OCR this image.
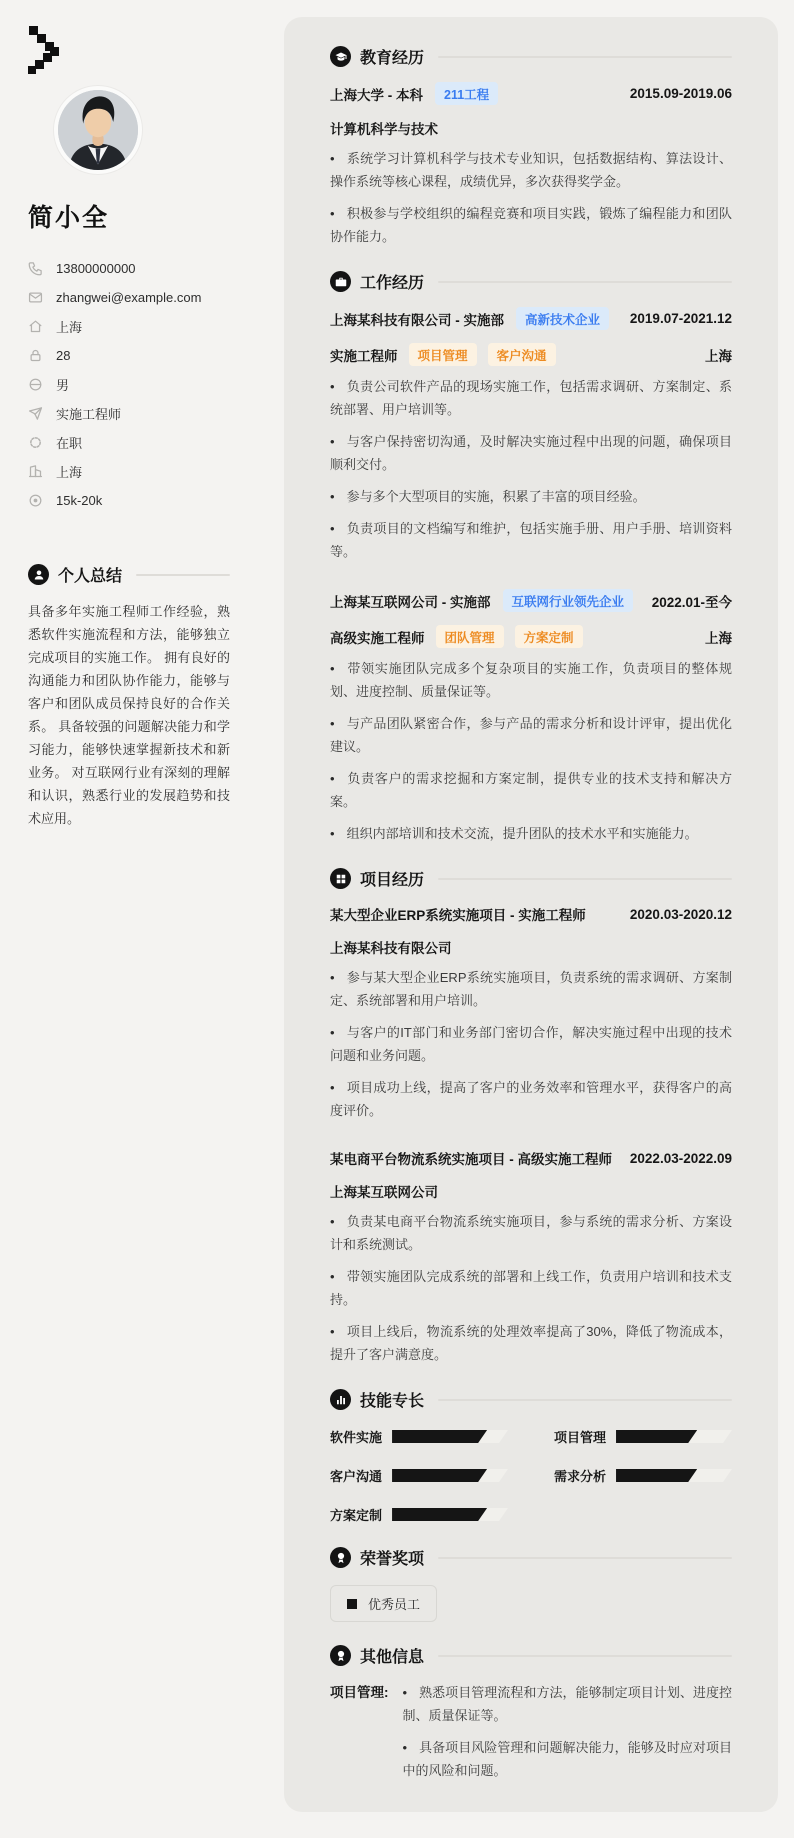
简小全
13800000000
zhangwei@example.com
上海
28
男
实施工程师
在职
上海
15k-20k
个人总结

具备多年实施工程师工作经验，熟悉软件实施流程和方法，能够独立完成项目的实施工作。 拥有良好的沟通能力和团队协作能力，能够与客户和团队成员保持良好的合作关系。 具备较强的问题解决能力和学习能力，能够快速掌握新技术和新业务。 对互联网行业有深刻的理解和认识，熟悉行业的发展趋势和技术应用。

教育经历
上海大学 - 本科	211工程	2015.09-2019.06
计算机科学与技术
• 系统学习计算机科学与技术专业知识，包括数据结构、算法设计、操作系统等核心课程，成绩优异，多次获得奖学金。
• 积极参与学校组织的编程竞赛和项目实践，锻炼了编程能力和团队协作能力。
工作经历
上海某科技有限公司 - 实施部	高新技术企业	2019.07-2021.12
实施工程师	项目管理	客户沟通	上海
• 负责公司软件产品的现场实施工作，包括需求调研、方案制定、系统部署、用户培训等。
• 与客户保持密切沟通，及时解决实施过程中出现的问题，确保项目顺利交付。
• 参与多个大型项目的实施，积累了丰富的项目经验。
• 负责项目的文档编写和维护，包括实施手册、用户手册、培训资料等。
上海某互联网公司 - 实施部	互联网行业领先企业	2022.01-至今
高级实施工程师	团队管理	方案定制	上海
• 带领实施团队完成多个复杂项目的实施工作，负责项目的整体规划、进度控制、质量保证等。
• 与产品团队紧密合作，参与产品的需求分析和设计评审，提出优化建议。
• 负责客户的需求挖掘和方案定制，提供专业的技术支持和解决方案。
• 组织内部培训和技术交流，提升团队的技术水平和实施能力。
项目经历
某大型企业ERP系统实施项目 - 实施工程师	2020.03-2020.12
上海某科技有限公司
• 参与某大型企业ERP系统实施项目，负责系统的需求调研、方案制定、系统部署和用户培训。
• 与客户的IT部门和业务部门密切合作，解决实施过程中出现的技术问题和业务问题。
• 项目成功上线，提高了客户的业务效率和管理水平，获得客户的高度评价。
某电商平台物流系统实施项目 - 高级实施工程师 2022.03-2022.09
上海某互联网公司
• 负责某电商平台物流系统实施项目，参与系统的需求分析、方案设计和系统测试。
• 带领实施团队完成系统的部署和上线工作，负责用户培训和技术支持。
• 项目上线后，物流系统的处理效率提高了30%，降低了物流成本，提升了客户满意度。
技能专长
软件实施	项目管理
客户沟通	需求分析
方案定制
荣誉奖项
优秀员工
其他信息
项目管理: • 熟悉项目管理流程和方法，能够制定项目计划、进度控制、质量保证等。
• 具备项目风险管理和问题解决能力，能够及时应对项目中的风险和问题。
